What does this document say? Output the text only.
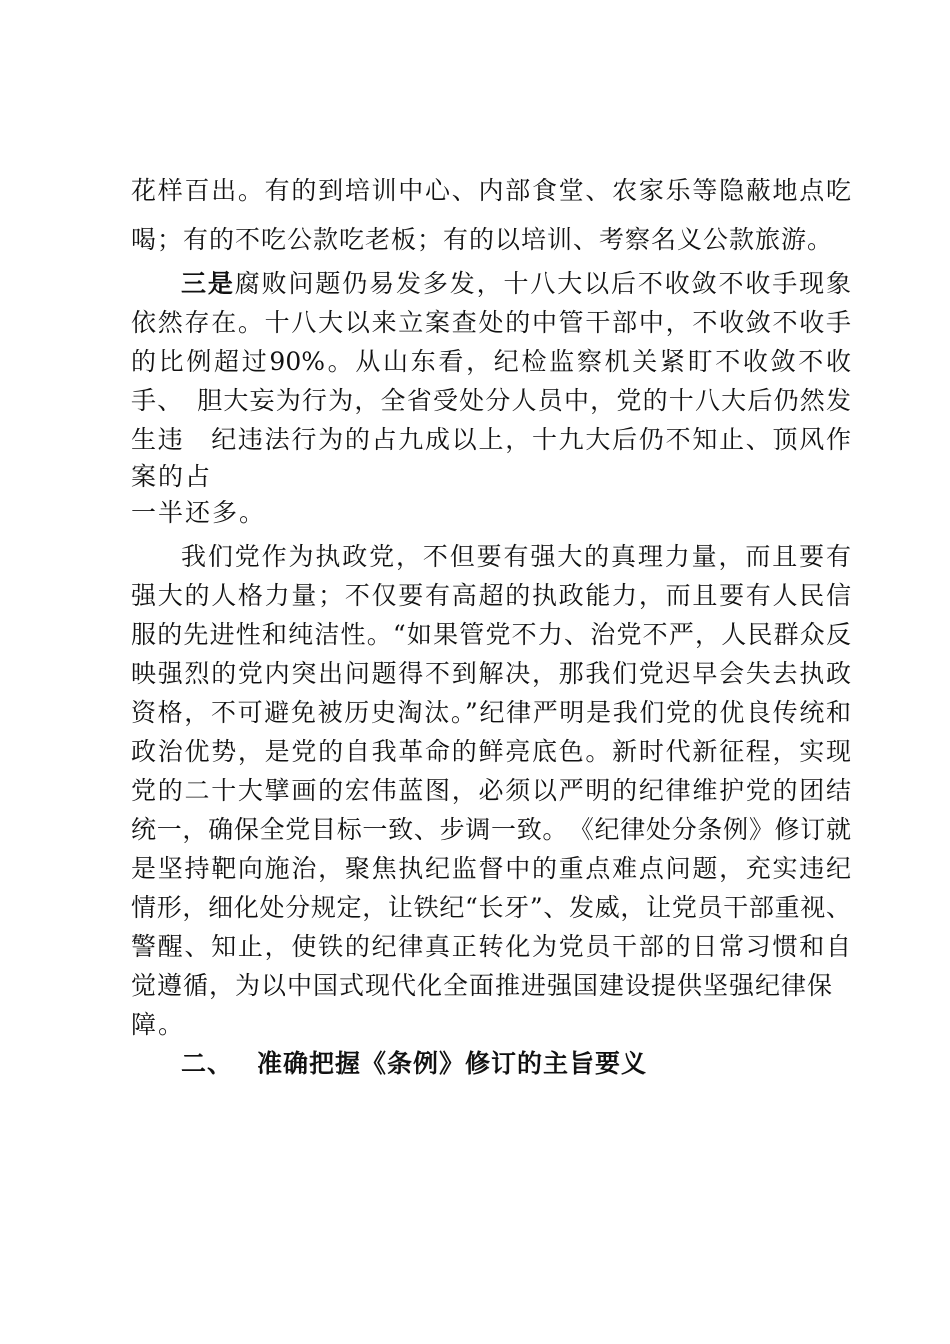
花样百出。有的到培训中心、内部食堂、农家乐等隐蔽地点吃

喝；有的不吃公款吃老板；有的以培训、考察名义公款旅游。

三是腐败问题仍易发多发，十八大以后不收敛不收手现象

依然存在。十八大以来立案查处的中管干部中，不收敛不收手

的比例超过90%。从山东看，纪检监察机关紧盯不收敛不收

手、　胆大妄为行为，全省受处分人员中，党的十八大后仍然发

生违　纪违法行为的占九成以上，十九大后仍不知止、顶风作

案的占

一半还多。

我们党作为执政党，不但要有强大的真理力量，而且要有

强大的人格力量；不仅要有高超的执政能力，而且要有人民信

服的先进性和纯洁性。“如果管党不力、治党不严，人民群众反

映强烈的党内突出问题得不到解决，那我们党迟早会失去执政

资格，不可避免被历史淘汰。”纪律严明是我们党的优良传统和

政治优势，是党的自我革命的鲜亮底色。新时代新征程，实现

党的二十大擘画的宏伟蓝图，必须以严明的纪律维护党的团结

统一，确保全党目标一致、步调一致。　《纪律处分条例》修订就

是坚持靶向施治，聚焦执纪监督中的重点难点问题，充实违纪

情形，细化处分规定，让铁纪“长牙”、发威，让党员干部重视、

警醒、知止，使铁的纪律真正转化为党员干部的日常习惯和自

觉遵循，为以中国式现代化全面推进强国建设提供坚强纪律保

障。

二、 准确把握《条例》修订的主旨要义
